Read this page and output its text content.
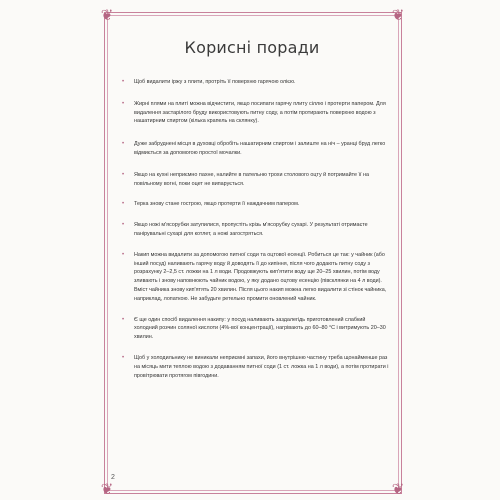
❦	❦
❦	❦
Корисні поради
• Щоб видалити іржу з плити, протріть її поверхню гарячою олією.
• Жирні плями на плиті можна відчистити, якщо посипати гарячу плиту сіллю і протерти папером. Для видалення застарілого бруду використовують питну соду, а потім протирають поверхню водою з нашатирним спиртом (кілька крапель на склянку).
• Дуже забруднені місця в духовці обробіть нашатирним спиртом і залиште на ніч – уранці бруд легко відмиється за допомогою простої мочалки.
• Якщо на кухні неприємно пахне, налийте в пательню трохи столового оцту й потримайте її на повільному вогні, поки оцет не випарується.
• Терка знову стане гострою, якщо протерти її наждачним папером.
• Якщо ножі м'ясорубки затупилися, пропустіть крізь м'ясорубку сухарі. У результаті отримаєте панірувальні сухарі для котлет, а ножі загостряться.
• Накип можна видалити за допомогою питної соди та оцтової есенції. Робиться це так: у чайник (або інший посуд) наливають гарячу воду й доводять її до кипіння, після чого додають питну соду з розрахунку 2–2,5 ст. ложки на 1 л води. Продовжують кип'ятити воду ще 20–25 хвилин, потім воду зливають і знову наповнюють чайник водою, у яку додано оцтову есенцію (півсклянки на 4 л води). Вміст чайника знову кип'ятять 20 хвилин. Після цього накип можна легко видалити зі стінок чайника, наприклад, лопаткою. Не забудьте ретельно промити оновлений чайник.
• Є ще один спосіб видалення накипу: у посуд наливають заздалегідь приготовлений слабкий холодний розчин соляної кислоти (4%-вої концентрації), нагрівають до 60–80 °С і витримують 20–30 хвилин.
• Щоб у холодильнику не виникали неприємні запахи, його внутрішню частину треба щонайменше раз на місяць мити теплою водою з додаванням питної соди (1 ст. ложка на 1 л води), а потім протирати і провітрювати протягом півгодини.
2
